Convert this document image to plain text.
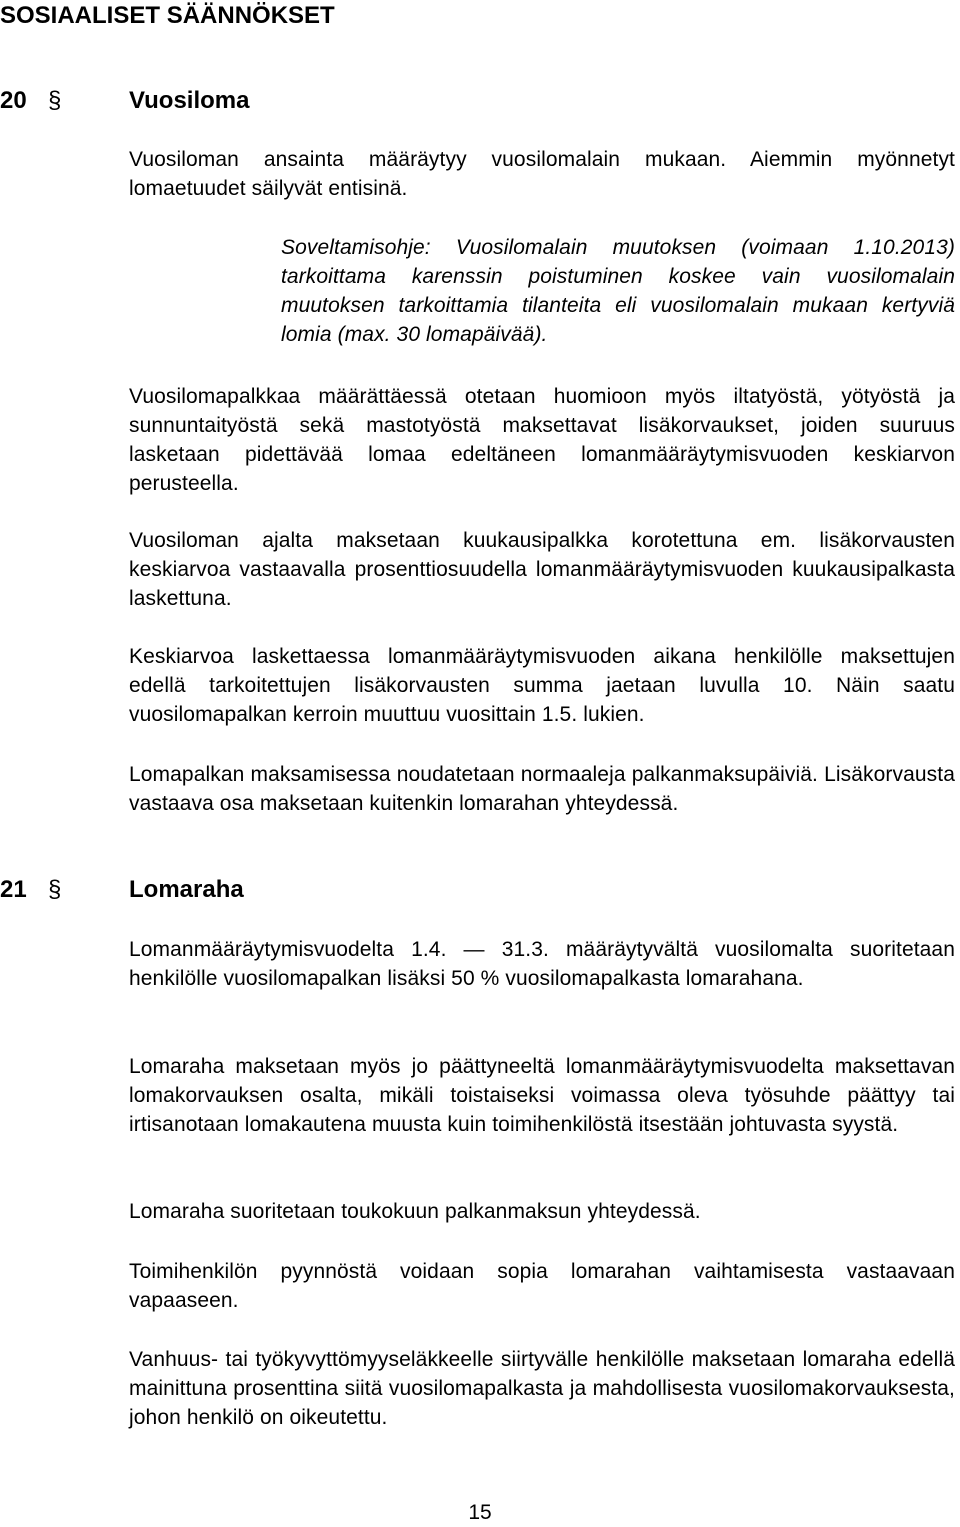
SOSIAALISET SÄÄNNÖKSET
20 §	Vuosiloma

Vuosiloman ansainta määräytyy vuosilomalain mukaan. Aiemmin myönnetyt lomaetuudet säilyvät entisinä.

Soveltamisohje: Vuosilomalain muutoksen (voimaan 1.10.2013) tarkoittama karenssin poistuminen koskee vain vuosilomalain muutoksen tarkoittamia tilanteita eli vuosilomalain mukaan kertyviä lomia (max. 30 lomapäivää).

Vuosilomapalkkaa määrättäessä otetaan huomioon myös iltatyöstä, yötyöstä ja sunnuntaityöstä sekä mastotyöstä maksettavat lisäkorvaukset, joiden suuruus lasketaan pidettävää lomaa edeltäneen lomanmääräytymisvuoden keskiarvon perusteella.

Vuosiloman ajalta maksetaan kuukausipalkka korotettuna em. lisäkorvausten keskiarvoa vastaavalla prosenttiosuudella lomanmääräytymisvuoden kuukausipalkasta laskettuna.

Keskiarvoa laskettaessa lomanmääräytymisvuoden aikana henkilölle maksettujen edellä tarkoitettujen lisäkorvausten summa jaetaan luvulla 10. Näin saatu vuosilomapalkan kerroin muuttuu vuosittain 1.5. lukien.

Lomapalkan maksamisessa noudatetaan normaaleja palkanmaksupäiviä. Lisäkorvausta vastaava osa maksetaan kuitenkin lomarahan yhteydessä.

21 §	Lomaraha

Lomanmääräytymisvuodelta 1.4. — 31.3. määräytyvältä vuosilomalta suoritetaan henkilölle vuosilomapalkan lisäksi 50 % vuosilomapalkasta lomarahana.

Lomaraha maksetaan myös jo päättyneeltä lomanmääräytymisvuodelta maksettavan lomakorvauksen osalta, mikäli toistaiseksi voimassa oleva työsuhde päättyy tai irtisanotaan lomakautena muusta kuin toimihenkilöstä itsestään johtuvasta syystä.

Lomaraha suoritetaan toukokuun palkanmaksun yhteydessä.

Toimihenkilön pyynnöstä voidaan sopia lomarahan vaihtamisesta vastaavaan vapaaseen.

Vanhuus- tai työkyvyttömyyseläkkeelle siirtyvälle henkilölle maksetaan lomaraha edellä mainittuna prosenttina siitä vuosilomapalkasta ja mahdollisesta vuosilomakorvauksesta, johon henkilö on oikeutettu.

15
